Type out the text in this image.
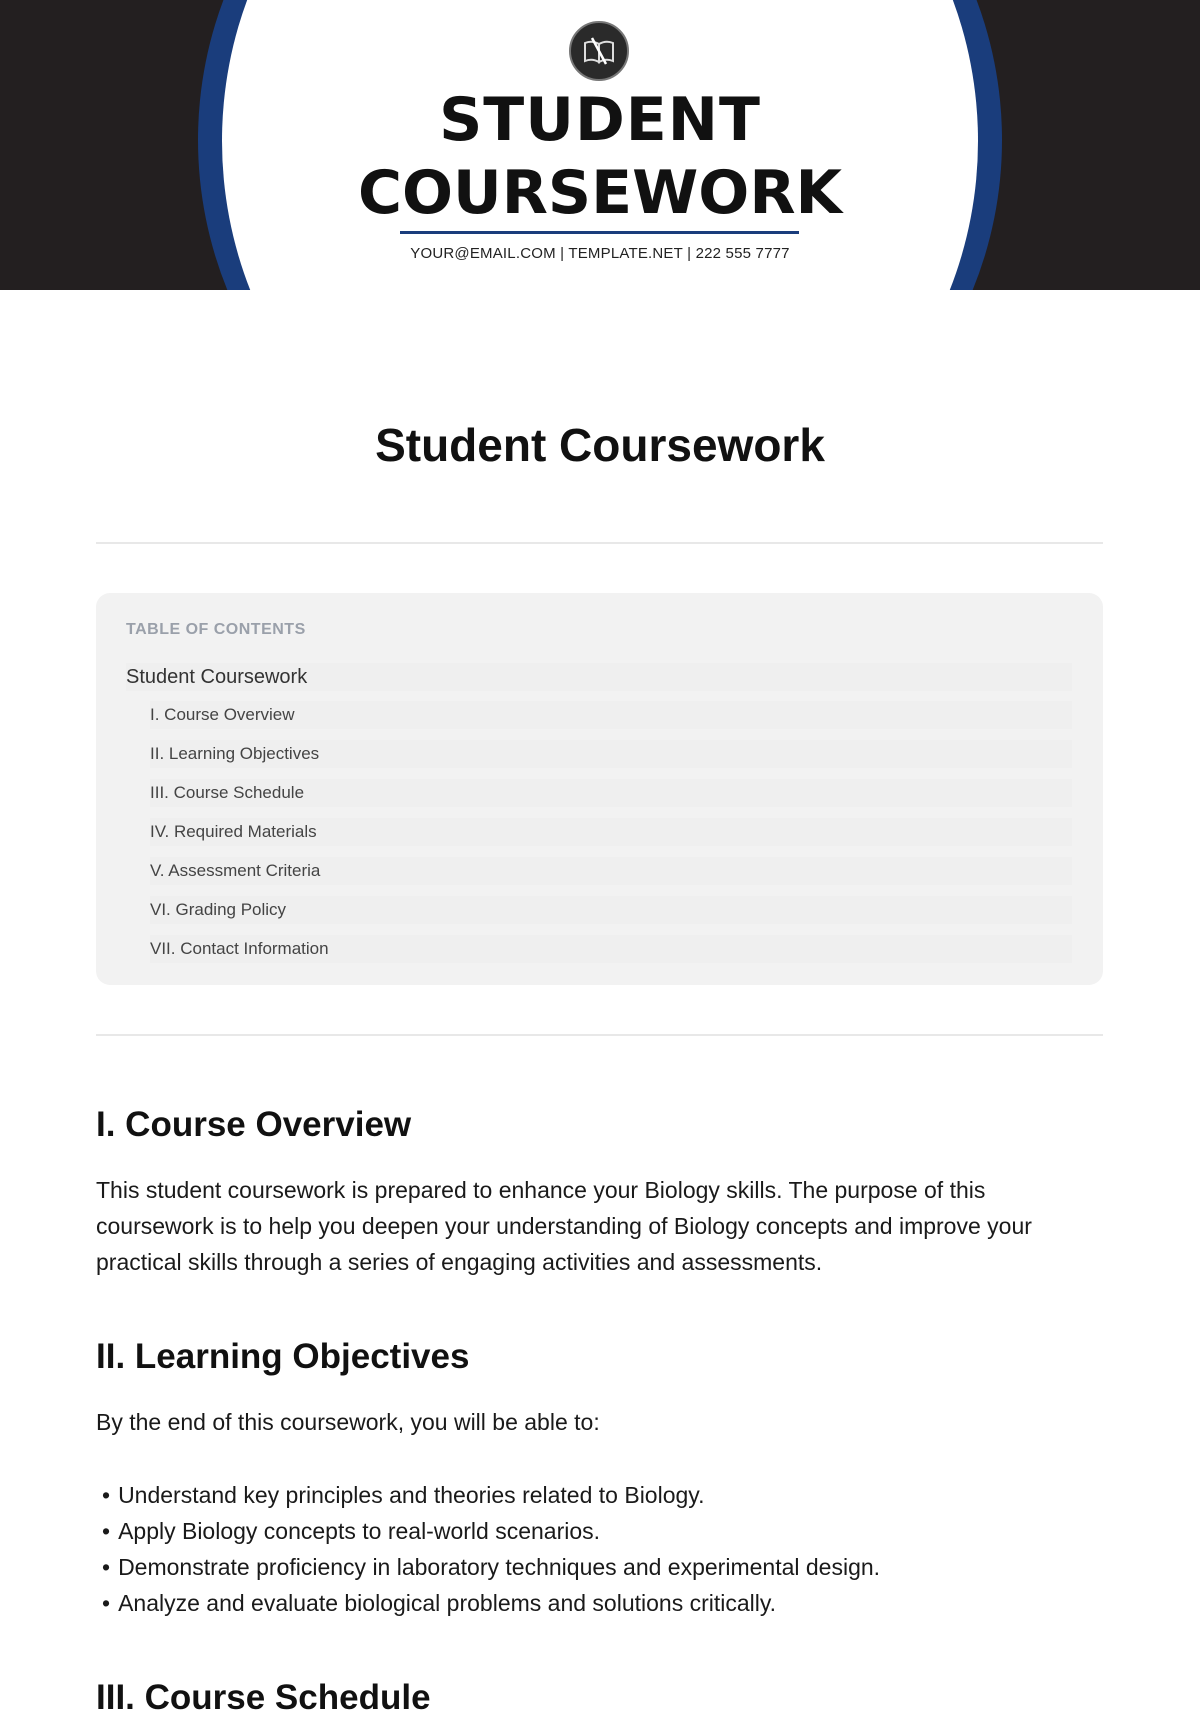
STUDENT
COURSEWORK
YOUR@EMAIL.COM | TEMPLATE.NET | 222 555 7777
Student Coursework
TABLE OF CONTENTS
Student Coursework
I. Course Overview
II. Learning Objectives
III. Course Schedule
IV. Required Materials
V. Assessment Criteria
VI. Grading Policy
VII. Contact Information
I. Course Overview

This student coursework is prepared to enhance your Biology skills. The purpose of this coursework is to help you deepen your understanding of Biology concepts and improve your practical skills through a series of engaging activities and assessments.

II. Learning Objectives

By the end of this coursework, you will be able to:

• Understand key principles and theories related to Biology.
• Apply Biology concepts to real-world scenarios.
• Demonstrate proficiency in laboratory techniques and experimental design.
• Analyze and evaluate biological problems and solutions critically.
III. Course Schedule
